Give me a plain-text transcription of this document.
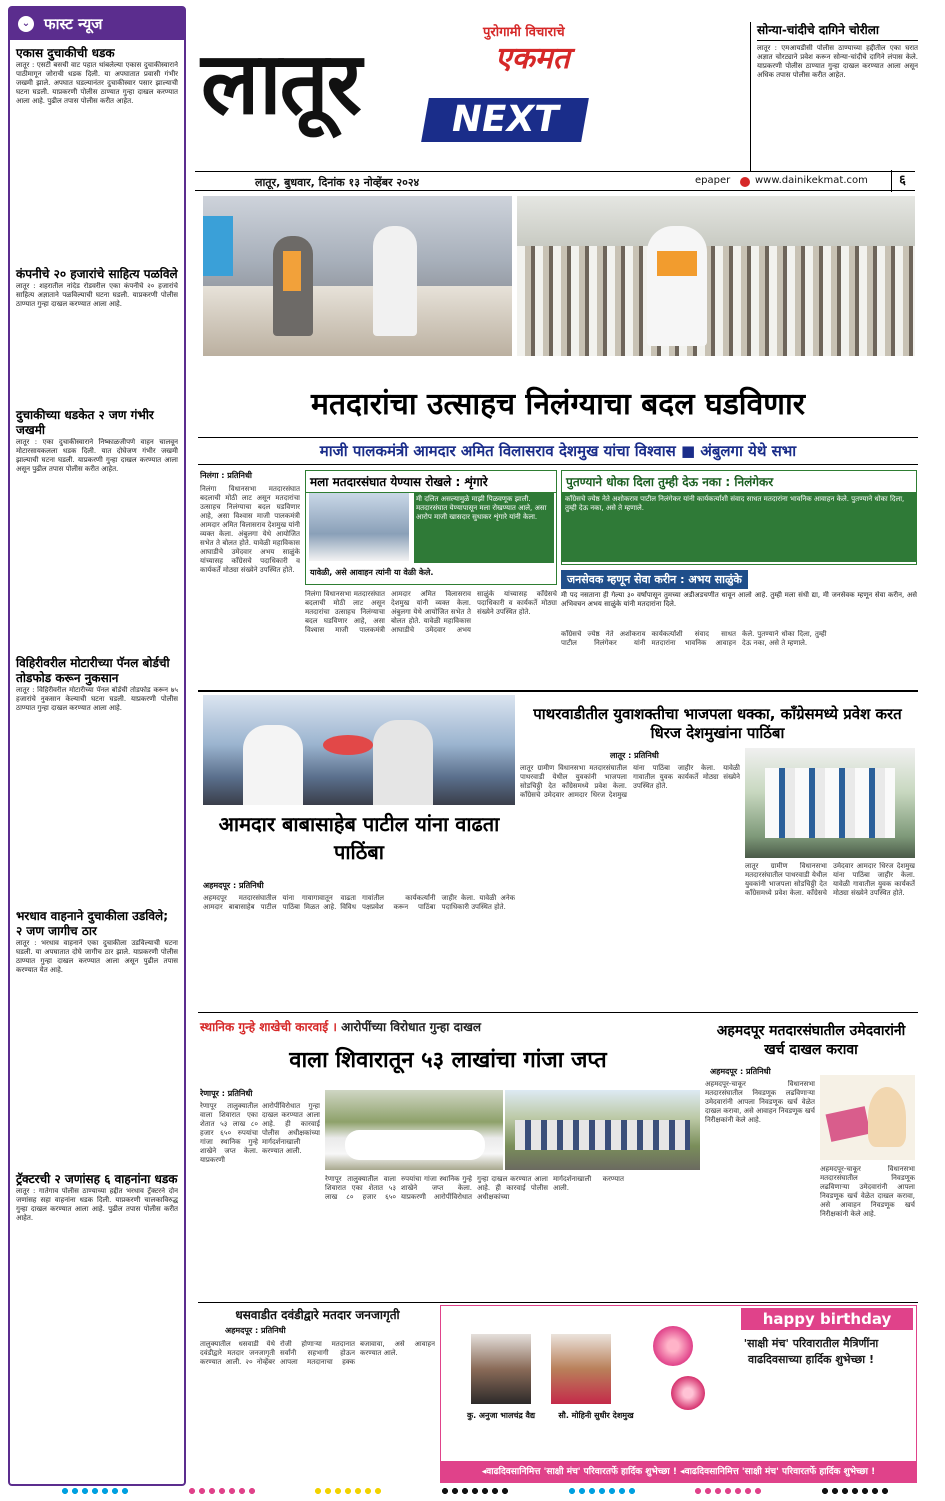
⌄ फास्ट न्यूज
एकास दुचाकीची धडक
लातूर : एसटी बसची वाट पहात थांबलेल्या एकास दुचाकीस्वाराने पाठीमागून जोराची धडक दिली. या अपघातात प्रवासी गंभीर जखमी झाले. अपघात घडल्यानंतर दुचाकीस्वार पसार झाल्याची घटना घडली. याप्रकरणी पोलीस ठाण्यात गुन्हा दाखल करण्यात आला आहे. पुढील तपास पोलीस करीत आहेत.
कंपनीचे २० हजारांचे साहित्य पळविले
लातूर : शहरातील नांदेड रोडवरील एका कंपनीचे २० हजारांचे साहित्य अज्ञाताने पळविल्याची घटना घडली. याप्रकरणी पोलीस ठाण्यात गुन्हा दाखल करण्यात आला आहे.
दुचाकीच्या धडकेत २ जण गंभीर जखमी
लातूर : एका दुचाकीस्वाराने निष्काळजीपणे वाहन चालवून मोटारसायकलला धडक दिली. यात दोघेजण गंभीर जखमी झाल्याची घटना घडली. याप्रकरणी गुन्हा दाखल करण्यात आला असून पुढील तपास पोलीस करीत आहेत.
विहिरीवरील मोटारीच्या पॅनल बोर्डची तोडफोड करून नुकसान
लातूर : विहिरीवरील मोटारीच्या पॅनल बोर्डची तोडफोड करून ७५ हजारांचे नुकसान केल्याची घटना घडली. याप्रकरणी पोलीस ठाण्यात गुन्हा दाखल करण्यात आला आहे.
भरधाव वाहनाने दुचाकीला उडविले; २ जण जागीच ठार
लातूर : भरधाव वाहनाने एका दुचाकीला उडविल्याची घटना घडली. या अपघातात दोघे जागीच ठार झाले. याप्रकरणी पोलीस ठाण्यात गुन्हा दाखल करण्यात आला असून पुढील तपास करण्यात येत आहे.
ट्रॅक्टरची २ जणांसह ६ वाहनांना धडक
लातूर : गातेगाव पोलीस ठाण्याच्या हद्दीत भरधाव ट्रॅक्टरने दोन जणांसह सहा वाहनांना धडक दिली. याप्रकरणी चालकाविरुद्ध गुन्हा दाखल करण्यात आला आहे. पुढील तपास पोलीस करीत आहेत.
लातूर
पुरोगामी विचाराचे
एकमत
NEXT
लातूर, बुधवार, दिनांक १३ नोव्हेंबर २०२४	epaper www.dainikekmat.com	६
सोन्या-चांदीचे दागिने चोरीला
लातूर : एमआयडीसी पोलीस ठाण्याच्या हद्दीतील एका घरात अज्ञात चोरट्याने प्रवेश करून सोन्या-चांदीचे दागिने लंपास केले. याप्रकरणी पोलीस ठाण्यात गुन्हा दाखल करण्यात आला असून अधिक तपास पोलीस करीत आहेत.
मतदारांचा उत्साहच निलंग्याचा बदल घडविणार
माजी पालकमंत्री आमदार अमित विलासराव देशमुख यांचा विश्वास ■ अंबुलगा येथे सभा
निलंगा : प्रतिनिधी
निलंगा विधानसभा मतदारसंघात बदलाची मोठी लाट असून मतदारांचा उत्साहच निलंग्याचा बदल घडविणार आहे, असा विश्वास माजी पालकमंत्री आमदार अमित विलासराव देशमुख यांनी व्यक्त केला. अंबुलगा येथे आयोजित सभेत ते बोलत होते. यावेळी महाविकास आघाडीचे उमेदवार अभय साळुंके यांच्यासह काँग्रेसचे पदाधिकारी व कार्यकर्ते मोठ्या संख्येने उपस्थित होते.
मला मतदारसंघात येण्यास रोखले : शृंगारे
मी दलित असल्यामुळे माझी पिळवणूक झाली. मतदारसंघात येण्यापासून मला रोखण्यात आले, असा आरोप माजी खासदार सुधाकर शृंगारे यांनी केला.
यावेळी, असे आवाहन त्यांनी या वेळी केले.
निलंगा विधानसभा मतदारसंघात बदलाची मोठी लाट असून मतदारांचा उत्साहच निलंग्याचा बदल घडविणार आहे, असा विश्वास माजी पालकमंत्री आमदार अमित विलासराव देशमुख यांनी व्यक्त केला. अंबुलगा येथे आयोजित सभेत ते बोलत होते. यावेळी महाविकास आघाडीचे उमेदवार अभय साळुंके यांच्यासह काँग्रेसचे पदाधिकारी व कार्यकर्ते मोठ्या संख्येने उपस्थित होते.
पुतण्याने धोका दिला तुम्ही देऊ नका : निलंगेकर
काँग्रेसचे ज्येष्ठ नेते अशोकराव पाटील निलंगेकर यांनी कार्यकर्त्यांशी संवाद साधत मतदारांना भावनिक आवाहन केले. पुतण्याने धोका दिला, तुम्ही देऊ नका, असे ते म्हणाले.
जनसेवक म्हणून सेवा करीन : अभय साळुंके
मी पद नसताना ही गेल्या ३० वर्षांपासून तुमच्या अडीअडचणीत धावून आलो आहे. तुम्ही मला संधी द्या, मी जनसेवक म्हणून सेवा करीन, असे अभिवचन अभय साळुंके यांनी मतदारांना दिले.
काँग्रेसचे ज्येष्ठ नेते अशोकराव पाटील निलंगेकर यांनी कार्यकर्त्यांशी संवाद साधत मतदारांना भावनिक आवाहन केले. पुतण्याने धोका दिला, तुम्ही देऊ नका, असे ते म्हणाले.
पाथरवाडीतील युवाशक्तीचा भाजपला धक्का, काँग्रेसमध्ये प्रवेश करत धिरज देशमुखांना पाठिंबा
आमदार बाबासाहेब पाटील यांना वाढता पाठिंबा
अहमदपूर : प्रतिनिधी
अहमदपूर मतदारसंघातील आमदार बाबासाहेब पाटील यांना गावागावातून वाढता पाठिंबा मिळत आहे. विविध गावांतील कार्यकर्त्यांनी पक्षप्रवेश करून पाठिंबा जाहीर केला. यावेळी अनेक पदाधिकारी उपस्थित होते.
लातूर : प्रतिनिधी
लातूर ग्रामीण विधानसभा मतदारसंघातील पाथरवाडी येथील युवकांनी भाजपला सोडचिठ्ठी देत काँग्रेसमध्ये प्रवेश केला. काँग्रेसचे उमेदवार आमदार धिरज देशमुख यांना पाठिंबा जाहीर केला. यावेळी गावातील युवक कार्यकर्ते मोठ्या संख्येने उपस्थित होते.
लातूर ग्रामीण विधानसभा मतदारसंघातील पाथरवाडी येथील युवकांनी भाजपला सोडचिठ्ठी देत काँग्रेसमध्ये प्रवेश केला. काँग्रेसचे उमेदवार आमदार धिरज देशमुख यांना पाठिंबा जाहीर केला. यावेळी गावातील युवक कार्यकर्ते मोठ्या संख्येने उपस्थित होते.
स्थानिक गुन्हे शाखेची कारवाई । आरोपींच्या विरोधात गुन्हा दाखल
वाला शिवारातून ५३ लाखांचा गांजा जप्त
रेणापूर : प्रतिनिधी
रेणापूर तालुक्यातील वाला शिवारात एका शेतात ५३ लाख ८० हजार ६५० रुपयांचा गांजा स्थानिक गुन्हे शाखेने जप्त केला. याप्रकरणी आरोपींविरोधात गुन्हा दाखल करण्यात आला आहे. ही कारवाई पोलीस अधीक्षकांच्या मार्गदर्शनाखाली करण्यात आली.
रेणापूर तालुक्यातील वाला शिवारात एका शेतात ५३ लाख ८० हजार ६५० रुपयांचा गांजा स्थानिक गुन्हे शाखेने जप्त केला. याप्रकरणी आरोपींविरोधात गुन्हा दाखल करण्यात आला आहे. ही कारवाई पोलीस अधीक्षकांच्या मार्गदर्शनाखाली करण्यात आली.
अहमदपूर मतदारसंघातील उमेदवारांनी खर्च दाखल करावा
अहमदपूर : प्रतिनिधी
अहमदपूर-चाकूर विधानसभा मतदारसंघातील निवडणूक लढविणाऱ्या उमेदवारांनी आपला निवडणूक खर्च वेळेत दाखल करावा, असे आवाहन निवडणूक खर्च निरीक्षकांनी केले आहे.
अहमदपूर-चाकूर विधानसभा मतदारसंघातील निवडणूक लढविणाऱ्या उमेदवारांनी आपला निवडणूक खर्च वेळेत दाखल करावा, असे आवाहन निवडणूक खर्च निरीक्षकांनी केले आहे.
धसवाडीत दवंडीद्वारे मतदार जनजागृती
अहमदपूर : प्रतिनिधी
तालुक्यातील धसवाडी येथे दवंडीद्वारे मतदार जनजागृती करण्यात आली. २० नोव्हेंबर रोजी होणाऱ्या मतदानात सर्वांनी सहभागी होऊन आपला मतदानाचा हक्क बजावावा, असे आवाहन करण्यात आले.
कु. अनुजा भालचंद्र वैद्य	सौ. मोहिनी सुधीर देशमुख
happy birthday
'साक्षी मंच' परिवारातील मैत्रिणींना वाढदिवसाच्या हार्दिक शुभेच्छा !
◂वाढदिवसानिमित्त 'साक्षी मंच' परिवारतर्फे हार्दिक शुभेच्छा ! ◂वाढदिवसानिमित्त 'साक्षी मंच' परिवारतर्फे हार्दिक शुभेच्छा !
